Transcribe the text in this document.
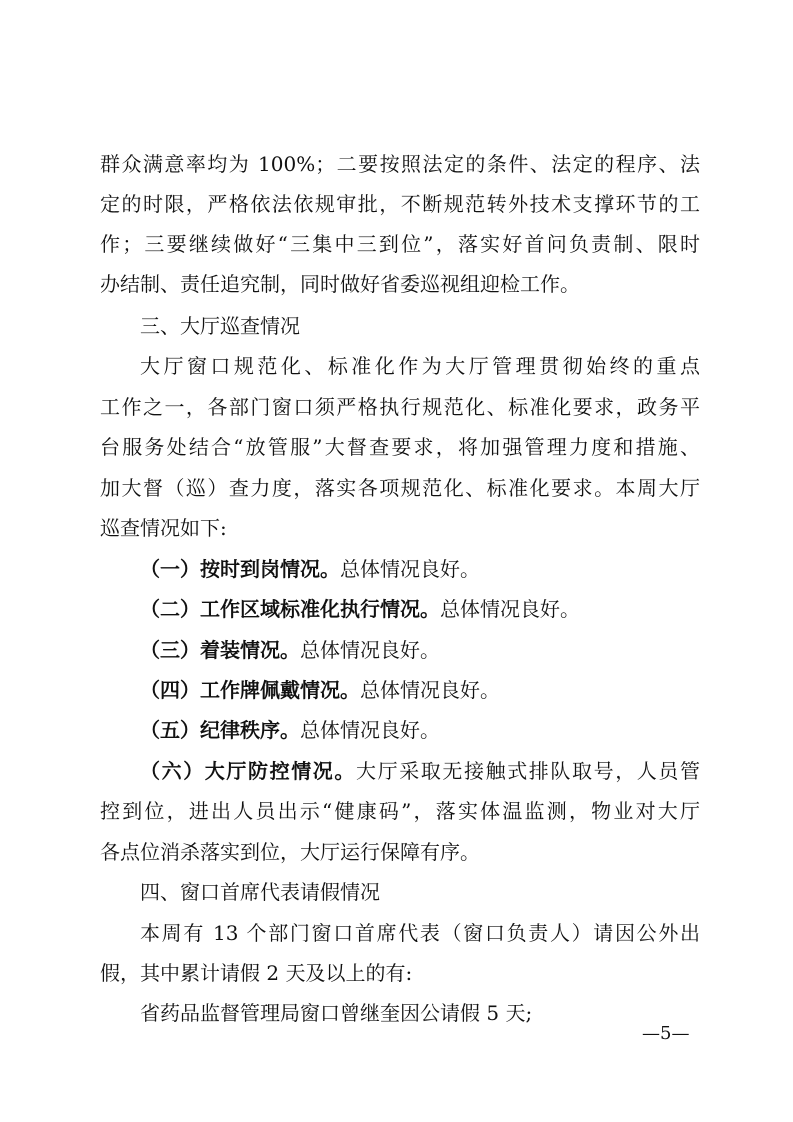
群众满意率均为 100%；二要按照法定的条件、法定的程序、法
定的时限，严格依法依规审批，不断规范转外技术支撑环节的工
作；三要继续做好“三集中三到位”，落实好首问负责制、限时
办结制、责任追究制，同时做好省委巡视组迎检工作。
三、大厅巡查情况
大厅窗口规范化、标准化作为大厅管理贯彻始终的重点
工作之一，各部门窗口须严格执行规范化、标准化要求，政务平
台服务处结合“放管服”大督查要求，将加强管理力度和措施、
加大督（巡）查力度，落实各项规范化、标准化要求。本周大厅
巡查情况如下:
（一）按时到岗情况。总体情况良好。
（二）工作区域标准化执行情况。总体情况良好。
（三）着装情况。总体情况良好。
（四）工作牌佩戴情况。总体情况良好。
（五）纪律秩序。总体情况良好。
（六）大厅防控情况。大厅采取无接触式排队取号，人员管
控到位，进出人员出示“健康码”，落实体温监测，物业对大厅
各点位消杀落实到位，大厅运行保障有序。
四、窗口首席代表请假情况
本周有 13 个部门窗口首席代表（窗口负责人）请因公外出
假，其中累计请假 2 天及以上的有:
省药品监督管理局窗口曾继奎因公请假 5 天;
—5—
